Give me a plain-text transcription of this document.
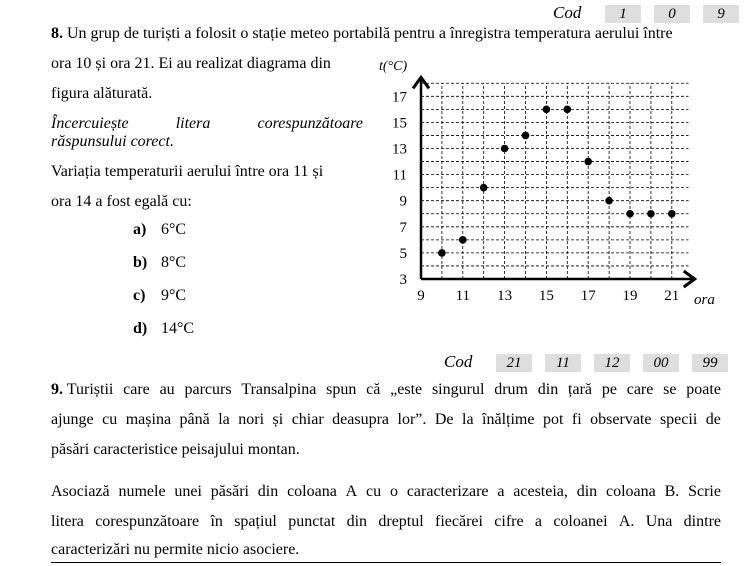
Cod	1	0	9
8. Un grup de turiști a folosit o stație meteo portabilă pentru a înregistra temperatura aerului între
ora 10 și ora 21. Ei au realizat diagrama din
figura alăturată.
Încercuiește	litera	corespunzătoare
răspunsului corect.
Variația temperaturii aerului între ora 11 și
ora 14 a fost egală cu:
a) 6°C
b) 8°C
c) 9°C
d) 14°C
9 11 13 15 17 19 21
3
5
7
9
11
13
15
17
t(°C)
ora
Cod	21	11	12	00	99
9. Turiștii care au parcurs Transalpina spun că „este singurul drum din țară pe care se poate
ajunge cu mașina până la nori și chiar deasupra lor”. De la înălțime pot fi observate specii de
păsări caracteristice peisajului montan.
Asociază numele unei păsări din coloana A cu o caracterizare a acesteia, din coloana B. Scrie
litera corespunzătoare în spațiul punctat din dreptul fiecărei cifre a coloanei A. Una dintre
caracterizări nu permite nicio asociere.
